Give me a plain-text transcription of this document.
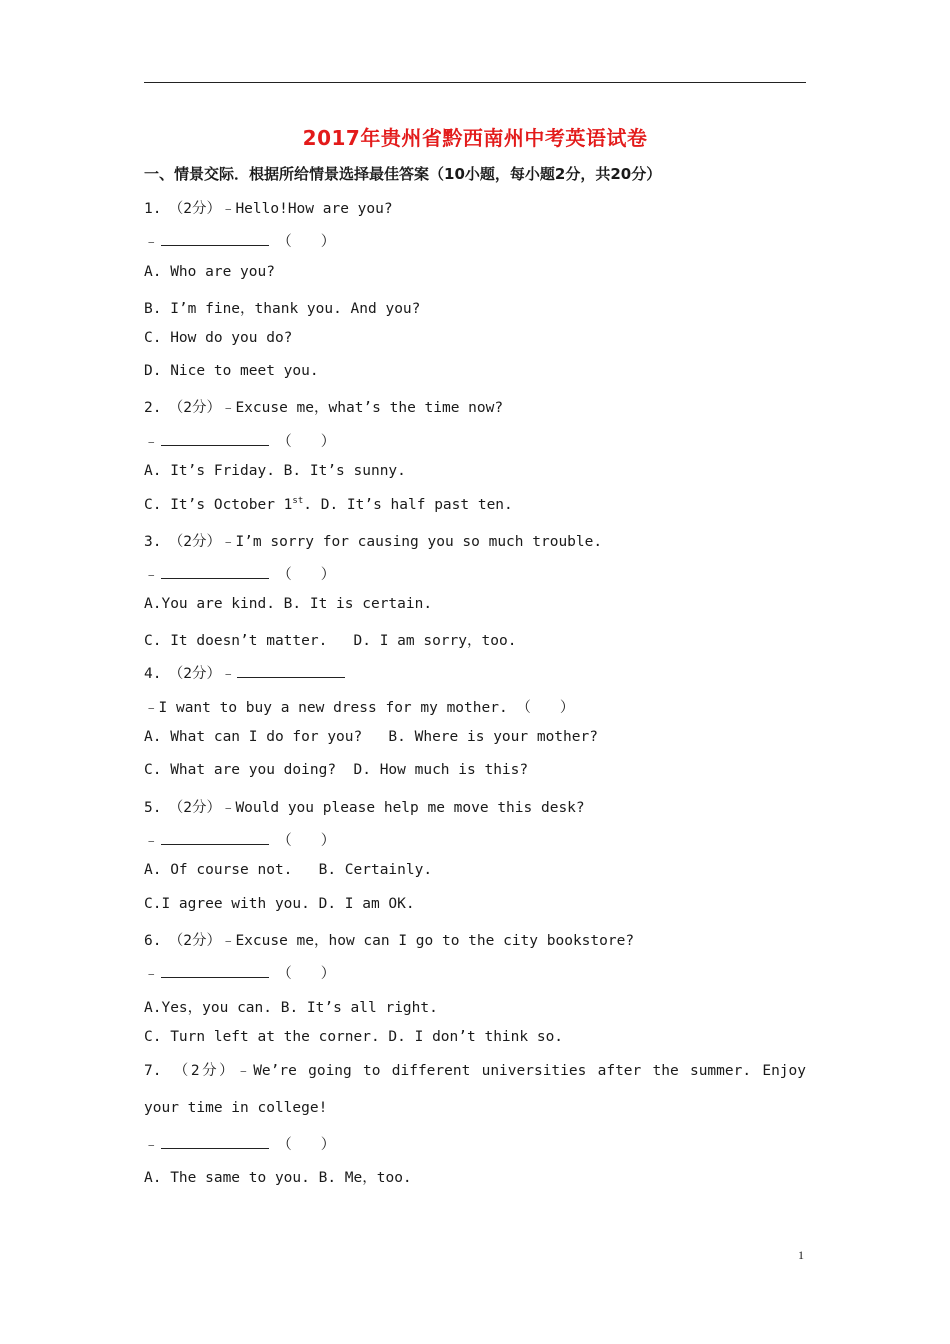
2017年贵州省黔西南州中考英语试卷
一、情景交际．根据所给情景选择最佳答案（10小题，每小题2分，共20分）
1.　（2分）﹣Hello!How are you?
﹣	（　　）
A. Who are you?
B. I’m fine，thank you. And you?
C. How do you do?
D. Nice to meet you.
2.　（2分）﹣Excuse me，what’s the time now?
﹣	（　　）
A. It’s Friday. B. It’s sunny.
C. It’s October 1st. D. It’s half past ten.
3.　（2分）﹣I’m sorry for causing you so much trouble.
﹣	（　　）
A.You are kind. B. It is certain.
C. It doesn’t matter.   D. I am sorry，too.
4.　（2分）﹣
﹣I want to buy a new dress for my mother. （　　）
A. What can I do for you?   B. Where is your mother?
C. What are you doing?  D. How much is this?
5.　（2分）﹣Would you please help me move this desk?
﹣	（　　）
A. Of course not.   B. Certainly.
C.I agree with you. D. I am OK.
6.　（2分）﹣Excuse me，how can I go to the city bookstore?
﹣	（　　）
A.Yes，you can. B. It’s all right.
C. Turn left at the corner. D. I don’t think so.
7.　（2分）﹣We’re going to different universities after the summer. Enjoy your time in college!
﹣	（　　）
A. The same to you. B. Me，too.
1
